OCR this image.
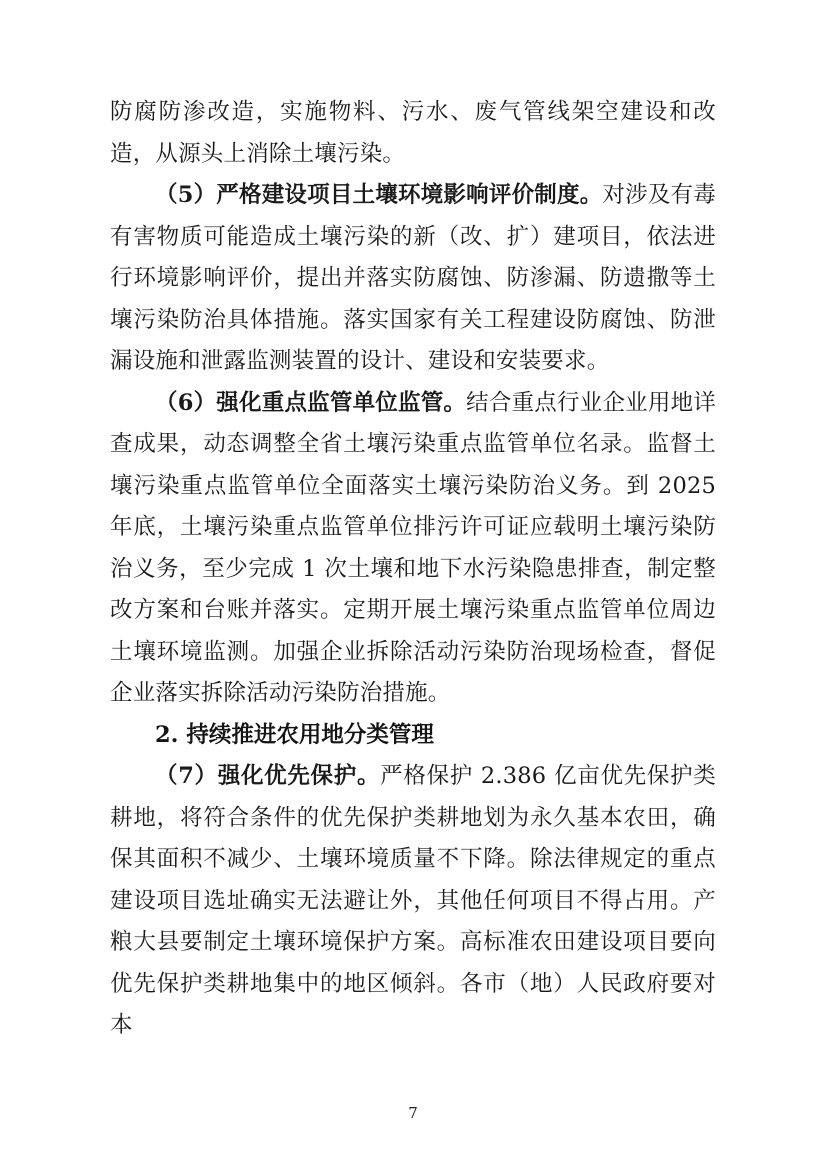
防腐防渗改造，实施物料、污水、废气管线架空建设和改造，从源头上消除土壤污染。

（5）严格建设项目土壤环境影响评价制度。对涉及有毒有害物质可能造成土壤污染的新（改、扩）建项目，依法进行环境影响评价，提出并落实防腐蚀、防渗漏、防遗撒等土壤污染防治具体措施。落实国家有关工程建设防腐蚀、防泄漏设施和泄露监测装置的设计、建设和安装要求。

（6）强化重点监管单位监管。结合重点行业企业用地详查成果，动态调整全省土壤污染重点监管单位名录。监督土壤污染重点监管单位全面落实土壤污染防治义务。到 2025 年底，土壤污染重点监管单位排污许可证应载明土壤污染防治义务，至少完成 1 次土壤和地下水污染隐患排查，制定整改方案和台账并落实。定期开展土壤污染重点监管单位周边土壤环境监测。加强企业拆除活动污染防治现场检查，督促企业落实拆除活动污染防治措施。

2. 持续推进农用地分类管理

（7）强化优先保护。严格保护 2.386 亿亩优先保护类耕地，将符合条件的优先保护类耕地划为永久基本农田，确保其面积不减少、土壤环境质量不下降。除法律规定的重点建设项目选址确实无法避让外，其他任何项目不得占用。产粮大县要制定土壤环境保护方案。高标准农田建设项目要向优先保护类耕地集中的地区倾斜。各市（地）人民政府要对本

7
